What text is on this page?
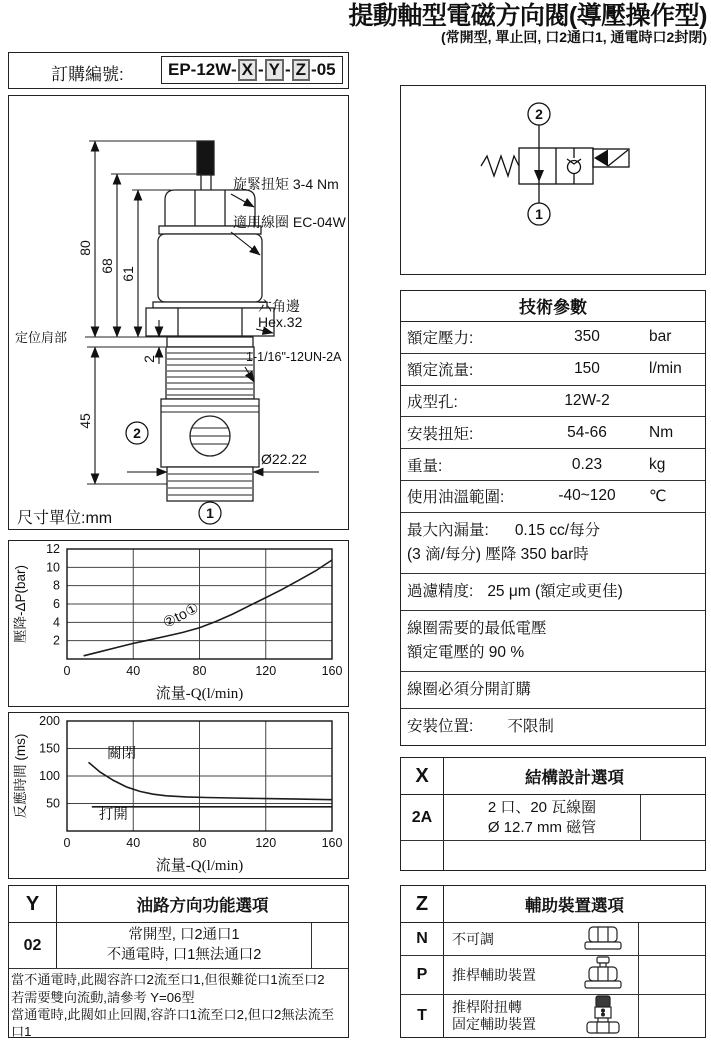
提動軸型電磁方向閥(導壓操作型)
(常開型, 單止回, 口2通口1, 通電時口2封閉)
訂購編號:	EP-12W- X - Y - Z -05
80
68
61
2
45
定位肩部
Ø22.22
旋緊扭矩 3-4 Nm
適用線圈 EC-04W
六角邊
Hex.32
1-1/16"-12UN-2A
2
1
尺寸單位:mm
0	40	80	120	160
2
4
6
8
10
12
流量-Q(l/min)
壓降-ΔP(bar)	②to①
0	40	80	120	160
50
100
150
200
流量-Q(l/min)
反應時間 (ms)	關閉
打開
2
1
技術參數
額定壓力:	350	bar
額定流量:	150	l/min
成型孔:	12W-2
安裝扭矩:	54-66	Nm
重量:	0.23	kg
使用油溫範圍:	-40~120	℃
最大內漏量: 0.15 cc/每分
(3 滴/每分) 壓降 350 bar時
過濾精度: 25 μm (額定或更佳)
線圈需要的最低電壓
額定電壓的 90 %
線圈必須分開訂購
安裝位置: 不限制
X	結構設計選項
2A
2 口、20 瓦線圈
Ø 12.7 mm 磁管
Y	油路方向功能選項
02
常開型, 口2通口1
不通電時, 口1無法通口2
當不通電時,此閥容許口2流至口1,但很難從口1流至口2
若需要雙向流動,請參考 Y=06型
當通電時,此閥如止回閥,容許口1流至口2,但口2無法流至口1
Z	輔助裝置選項
N	不可調
P	推桿輔助裝置
T	推桿附扭轉
固定輔助裝置
